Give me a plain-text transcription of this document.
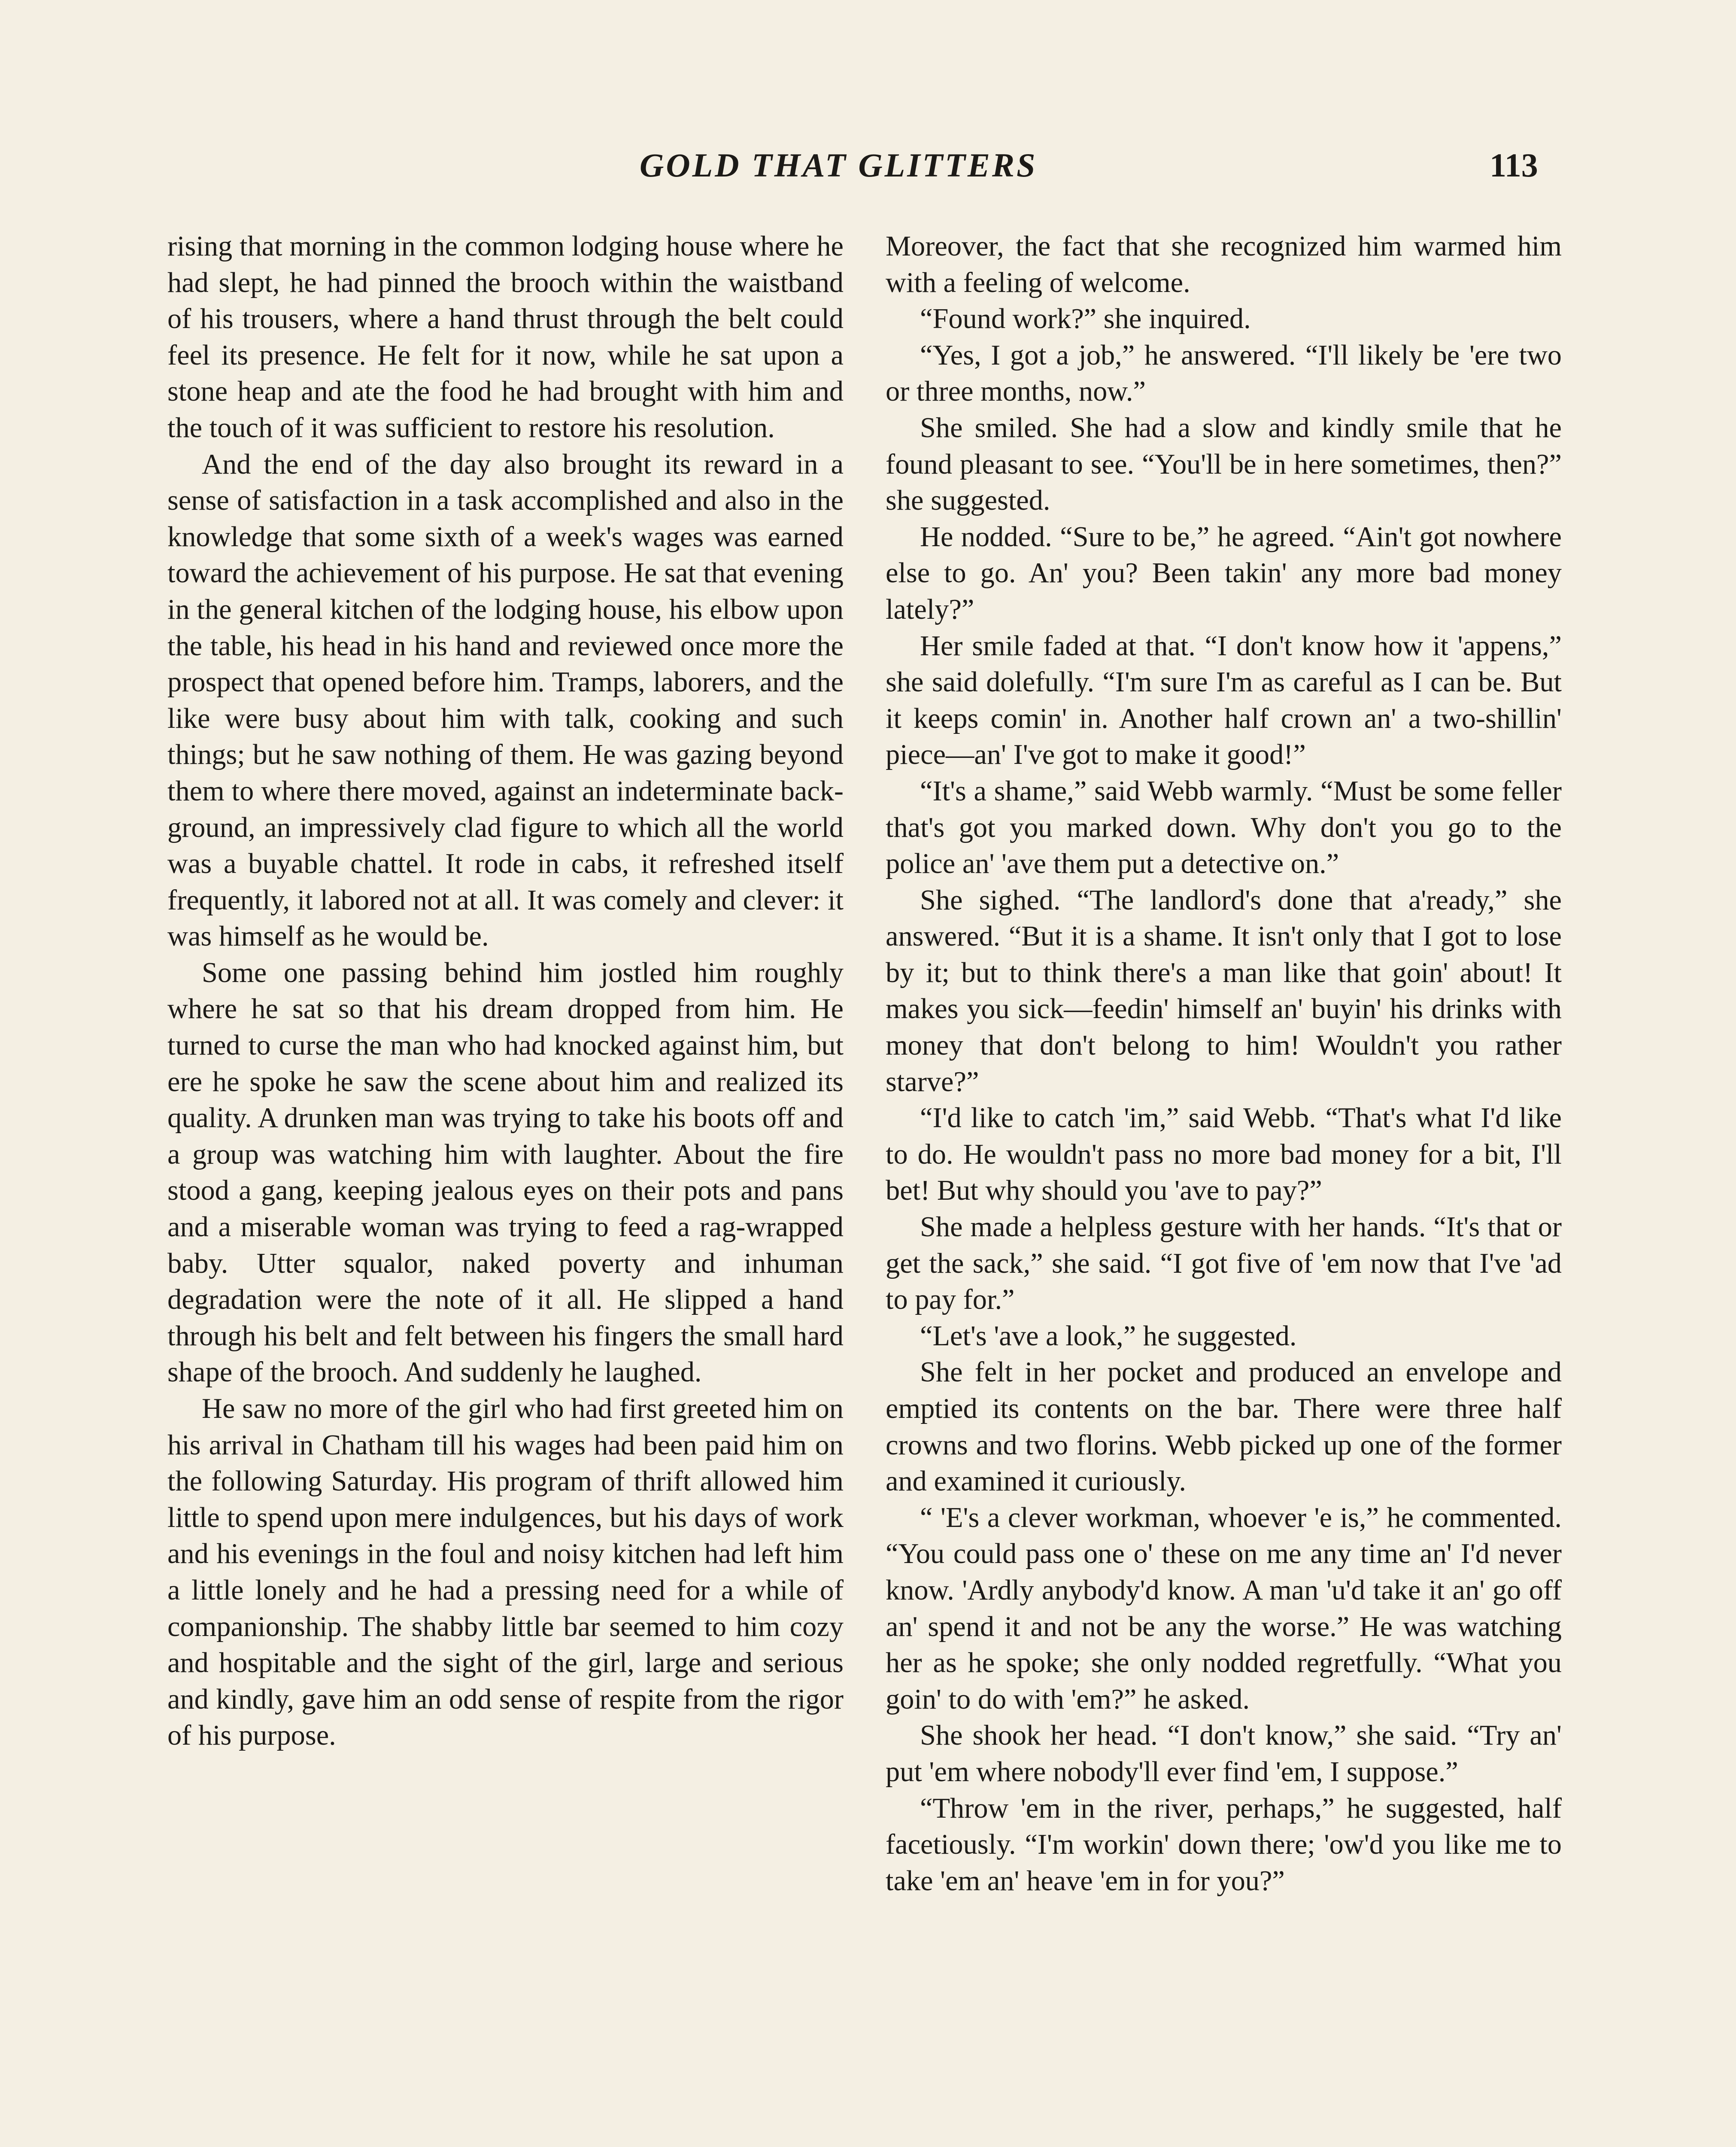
GOLD THAT GLITTERS	113

rising that morning in the common lodging house where he had slept, he had pinned the brooch within the waistband of his trousers, where a hand thrust through the belt could feel its presence. He felt for it now, while he sat upon a stone heap and ate the food he had brought with him and the touch of it was sufficient to restore his resolution.

And the end of the day also brought its reward in a sense of satisfaction in a task accomplished and also in the knowledge that some sixth of a week's wages was earned toward the achievement of his purpose. He sat that evening in the general kitchen of the lodging house, his elbow upon the table, his head in his hand and reviewed once more the prospect that opened before him. Tramps, laborers, and the like were busy about him with talk, cooking and such things; but he saw nothing of them. He was gazing beyond them to where there moved, against an indeterminate background, an impressively clad figure to which all the world was a buyable chattel. It rode in cabs, it refreshed itself frequently, it labored not at all. It was comely and clever: it was himself as he would be.

Some one passing behind him jostled him roughly where he sat so that his dream dropped from him. He turned to curse the man who had knocked against him, but ere he spoke he saw the scene about him and realized its quality. A drunken man was trying to take his boots off and a group was watching him with laughter. About the fire stood a gang, keeping jealous eyes on their pots and pans and a miserable woman was trying to feed a rag-wrapped baby. Utter squalor, naked poverty and inhuman degradation were the note of it all. He slipped a hand through his belt and felt between his fingers the small hard shape of the brooch. And suddenly he laughed.

He saw no more of the girl who had first greeted him on his arrival in Chatham till his wages had been paid him on the following Saturday. His program of thrift allowed him little to spend upon mere indulgences, but his days of work and his evenings in the foul and noisy kitchen had left him a little lonely and he had a pressing need for a while of companionship. The shabby little bar seemed to him cozy and hospitable and the sight of the girl, large and serious and kindly, gave him an odd sense of respite from the rigor of his purpose.

Moreover, the fact that she recognized him warmed him with a feeling of welcome.

“Found work?” she inquired.

“Yes, I got a job,” he answered. “I'll likely be 'ere two or three months, now.”

She smiled. She had a slow and kindly smile that he found pleasant to see. “You'll be in here sometimes, then?” she suggested.

He nodded. “Sure to be,” he agreed. “Ain't got nowhere else to go. An' you? Been takin' any more bad money lately?”

Her smile faded at that. “I don't know how it 'appens,” she said dolefully. “I'm sure I'm as careful as I can be. But it keeps comin' in. Another half crown an' a two-shillin' piece—an' I've got to make it good!”

“It's a shame,” said Webb warmly. “Must be some feller that's got you marked down. Why don't you go to the police an' 'ave them put a detective on.”

She sighed. “The landlord's done that a'ready,” she answered. “But it is a shame. It isn't only that I got to lose by it; but to think there's a man like that goin' about! It makes you sick—feedin' himself an' buyin' his drinks with money that don't belong to him! Wouldn't you rather starve?”

“I'd like to catch 'im,” said Webb. “That's what I'd like to do. He wouldn't pass no more bad money for a bit, I'll bet! But why should you 'ave to pay?”

She made a helpless gesture with her hands. “It's that or get the sack,” she said. “I got five of 'em now that I've 'ad to pay for.”

“Let's 'ave a look,” he suggested.

She felt in her pocket and produced an envelope and emptied its contents on the bar. There were three half crowns and two florins. Webb picked up one of the former and examined it curiously.

“ 'E's a clever workman, whoever 'e is,” he commented. “You could pass one o' these on me any time an' I'd never know. 'Ardly anybody'd know. A man 'u'd take it an' go off an' spend it and not be any the worse.” He was watching her as he spoke; she only nodded regretfully. “What you goin' to do with 'em?” he asked.

She shook her head. “I don't know,” she said. “Try an' put 'em where nobody'll ever find 'em, I suppose.”

“Throw 'em in the river, perhaps,” he suggested, half facetiously. “I'm workin' down there; 'ow'd you like me to take 'em an' heave 'em in for you?”
